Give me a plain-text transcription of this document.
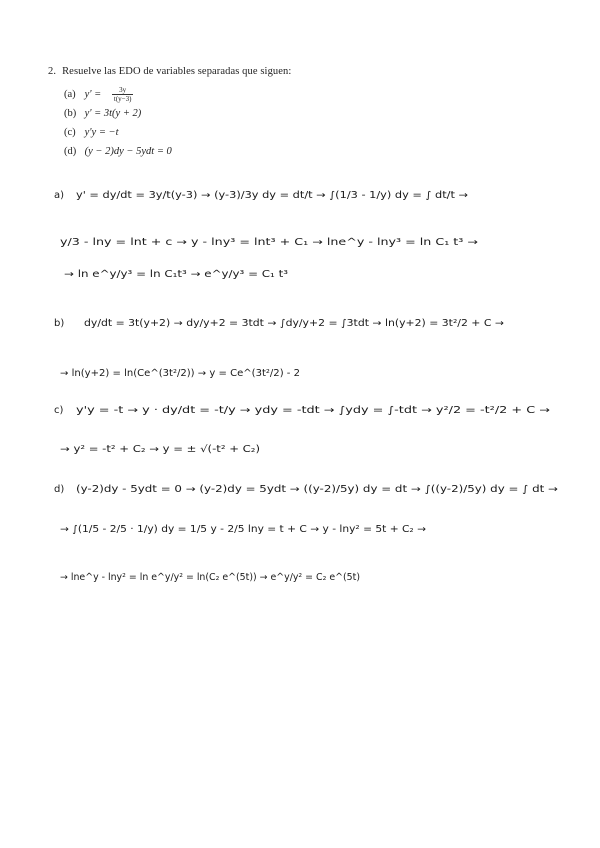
2. Resuelve las EDO de variables separadas que siguen:
(a) $y' = \frac{3y}{t(y-3)}$
(b) y' = 3t(y + 2)
(c) y'y = −t
(d) (y − 2)dy − 5ydt = 0
a) y' = dy/dt = 3y/t(y-3) → (y-3)/3y dy = dt/t → ∫(1/3 - 1/y) dy = ∫ dt/t →
y/3 - lny = lnt + c → y - lny³ = lnt³ + C₁ → lne^y - lny³ = ln C₁ t³ →
→ ln e^y/y³ = ln C₁t³ → e^y/y³ = C₁ t³
b) dy/dt = 3t(y+2) → dy/y+2 = 3tdt → ∫dy/y+2 = ∫3tdt → ln(y+2) = 3t²/2 + C →
→ ln(y+2) = ln(Ce^(3t²/2)) → y = Ce^(3t²/2) - 2
c) y'y = -t → y · dy/dt = -t/y → ydy = -tdt → ∫ydy = ∫-tdt → y²/2 = -t²/2 + C →
→ y² = -t² + C₂ → y = ± √(-t² + C₂)
d) (y-2)dy - 5ydt = 0 → (y-2)dy = 5ydt → ((y-2)/5y) dy = dt → ∫((y-2)/5y) dy = ∫ dt →
→ ∫(1/5 - 2/5 · 1/y) dy = 1/5 y - 2/5 lny = t + C → y - lny² = 5t + C₂ →
→ lne^y - lny² = ln e^y/y² = ln(C₂ e^(5t)) → e^y/y² = C₂ e^(5t)
